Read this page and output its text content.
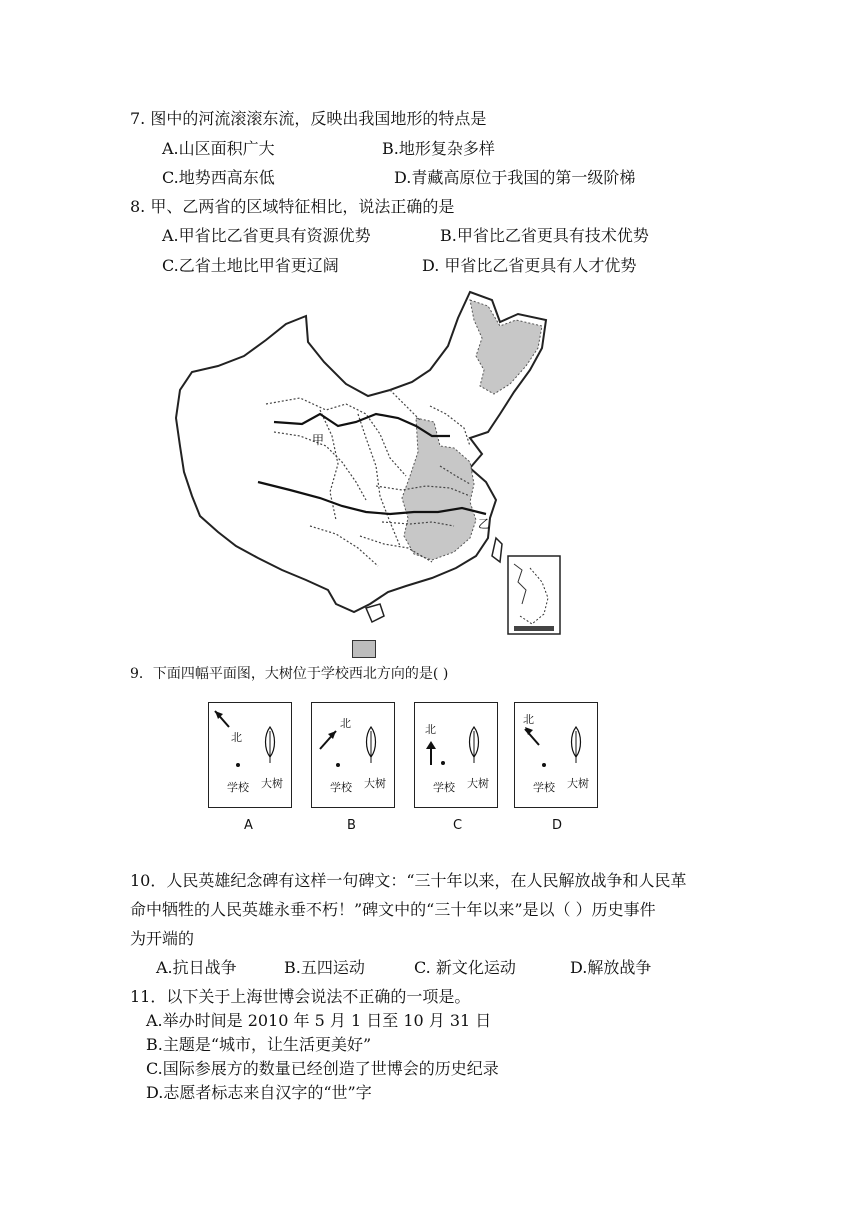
7. 图中的河流滚滚东流，反映出我国地形的特点是
A.山区面积广大	B.地形复杂多样
C.地势西高东低	D.青藏高原位于我国的第一级阶梯
8. 甲、乙两省的区域特征相比，说法正确的是
A.甲省比乙省更具有资源优势	B.甲省比乙省更具有技术优势
C.乙省土地比甲省更辽阔	D. 甲省比乙省更具有人才优势
甲
乙
9．下面四幅平面图，大树位于学校西北方向的是( )
北
学校 大树
北
学校 大树
北
学校 大树
北
学校 大树
A	B	C	D
10．人民英雄纪念碑有这样一句碑文：“三十年以来，在人民解放战争和人民革
命中牺牲的人民英雄永垂不朽！”碑文中的“三十年以来”是以（ ）历史事件
为开端的
A.抗日战争	B.五四运动	C. 新文化运动	D.解放战争
11．以下关于上海世博会说法不正确的一项是。
A.举办时间是 2010 年 5 月 1 日至 10 月 31 日
B.主题是“城市，让生活更美好”
C.国际参展方的数量已经创造了世博会的历史纪录
D.志愿者标志来自汉字的“世”字
